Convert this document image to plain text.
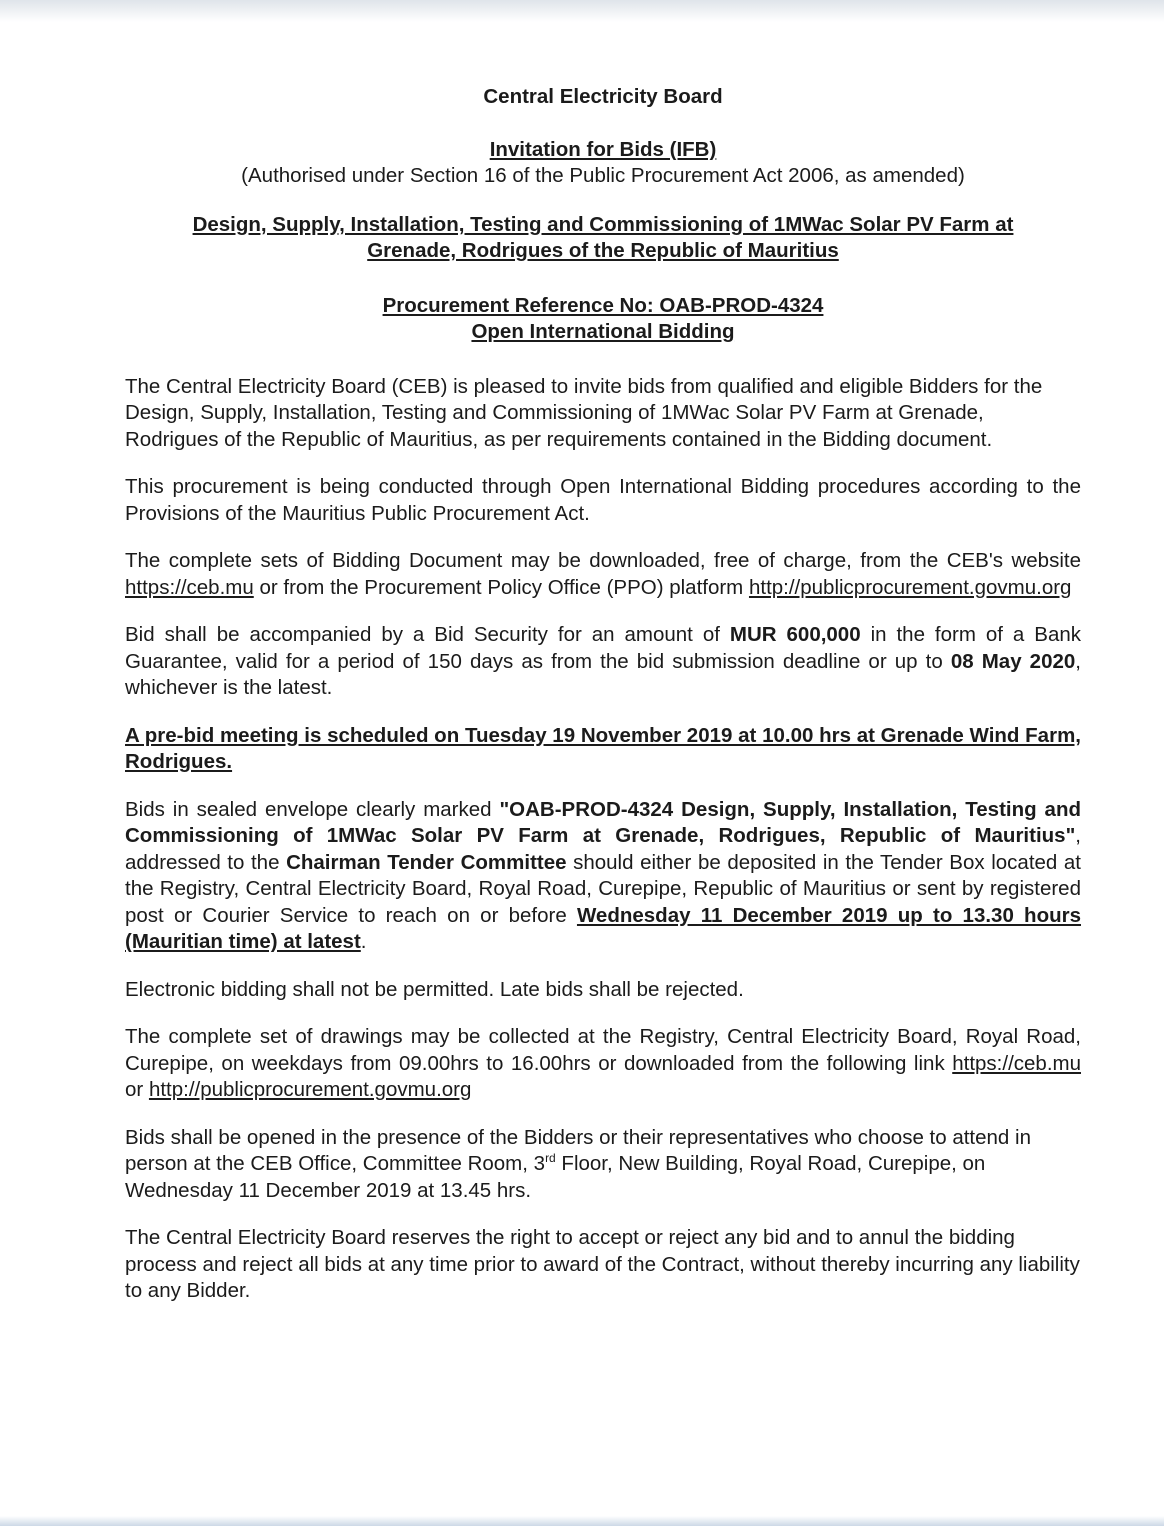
Central Electricity Board
Invitation for Bids (IFB)
(Authorised under Section 16 of the Public Procurement Act 2006, as amended)
Design, Supply, Installation, Testing and Commissioning of 1MWac Solar PV Farm at
Grenade, Rodrigues of the Republic of Mauritius
Procurement Reference No: OAB-PROD-4324
Open International Bidding

The Central Electricity Board (CEB) is pleased to invite bids from qualified and eligible Bidders for the Design, Supply, Installation, Testing and Commissioning of 1MWac Solar PV Farm at Grenade, Rodrigues of the Republic of Mauritius, as per requirements contained in the Bidding document.

This procurement is being conducted through Open International Bidding procedures according to the Provisions of the Mauritius Public Procurement Act.

The complete sets of Bidding Document may be downloaded, free of charge, from the CEB's website https://ceb.mu or from the Procurement Policy Office (PPO) platform http://publicprocurement.govmu.org

Bid shall be accompanied by a Bid Security for an amount of MUR 600,000 in the form of a Bank Guarantee, valid for a period of 150 days as from the bid submission deadline or up to 08 May 2020, whichever is the latest.

A pre-bid meeting is scheduled on Tuesday 19 November 2019 at 10.00 hrs at Grenade Wind Farm, Rodrigues.

Bids in sealed envelope clearly marked "OAB-PROD-4324 Design, Supply, Installation, Testing and Commissioning of 1MWac Solar PV Farm at Grenade, Rodrigues, Republic of Mauritius", addressed to the Chairman Tender Committee should either be deposited in the Tender Box located at the Registry, Central Electricity Board, Royal Road, Curepipe, Republic of Mauritius or sent by registered post or Courier Service to reach on or before Wednesday 11 December 2019 up to 13.30 hours (Mauritian time) at latest.

Electronic bidding shall not be permitted. Late bids shall be rejected.

The complete set of drawings may be collected at the Registry, Central Electricity Board, Royal Road, Curepipe, on weekdays from 09.00hrs to 16.00hrs or downloaded from the following link https://ceb.mu or http://publicprocurement.govmu.org

Bids shall be opened in the presence of the Bidders or their representatives who choose to attend in person at the CEB Office, Committee Room, 3rd Floor, New Building, Royal Road, Curepipe, on Wednesday 11 December 2019 at 13.45 hrs.

The Central Electricity Board reserves the right to accept or reject any bid and to annul the bidding process and reject all bids at any time prior to award of the Contract, without thereby incurring any liability to any Bidder.
